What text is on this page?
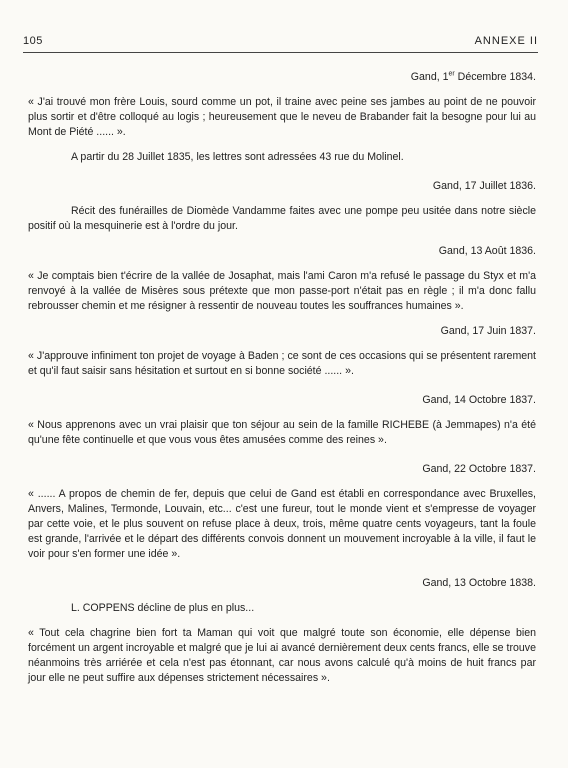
105	ANNEXE II

Gand, 1er Décembre 1834.

« J'ai trouvé mon frère Louis, sourd comme un pot, il traine avec peine ses jambes au point de ne pouvoir plus sortir et d'être colloqué au logis ; heureusement que le neveu de Brabander fait la besogne pour lui au Mont de Piété ...... ».

A partir du 28 Juillet 1835, les lettres sont adressées 43 rue du Molinel.

Gand, 17 Juillet 1836.

Récit des funérailles de Diomède Vandamme faites avec une pompe peu usitée dans notre siècle positif où la mesquinerie est à l'ordre du jour.

Gand, 13 Août 1836.

« Je comptais bien t'écrire de la vallée de Josaphat, mais l'ami Caron m'a refusé le passage du Styx et m'a renvoyé à la vallée de Misères sous prétexte que mon passe-port n'était pas en règle ; il m'a donc fallu rebrousser chemin et me résigner à ressentir de nouveau toutes les souffrances humaines ».

Gand, 17 Juin 1837.

« J'approuve infiniment ton projet de voyage à Baden ; ce sont de ces occasions qui se présentent rarement et qu'il faut saisir sans hésitation et surtout en si bonne société ...... ».

Gand, 14 Octobre 1837.

« Nous apprenons avec un vrai plaisir que ton séjour au sein de la famille RICHEBE (à Jemmapes) n'a été qu'une fête continuelle et que vous vous êtes amusées comme des reines ».

Gand, 22 Octobre 1837.

« ...... A propos de chemin de fer, depuis que celui de Gand est établi en correspondance avec Bruxelles, Anvers, Malines, Termonde, Louvain, etc... c'est une fureur, tout le monde vient et s'empresse de voyager par cette voie, et le plus souvent on refuse place à deux, trois, même quatre cents voyageurs, tant la foule est grande, l'arrivée et le départ des différents convois donnent un mouvement incroyable à la ville, il faut le voir pour s'en former une idée ».

Gand, 13 Octobre 1838.

L. COPPENS décline de plus en plus...

« Tout cela chagrine bien fort ta Maman qui voit que malgré toute son économie, elle dépense bien forcément un argent incroyable et malgré que je lui ai avancé dernièrement deux cents francs, elle se trouve néanmoins très arriérée et cela n'est pas étonnant, car nous avons calculé qu'à moins de huit francs par jour elle ne peut suffire aux dépenses strictement nécessaires ».
